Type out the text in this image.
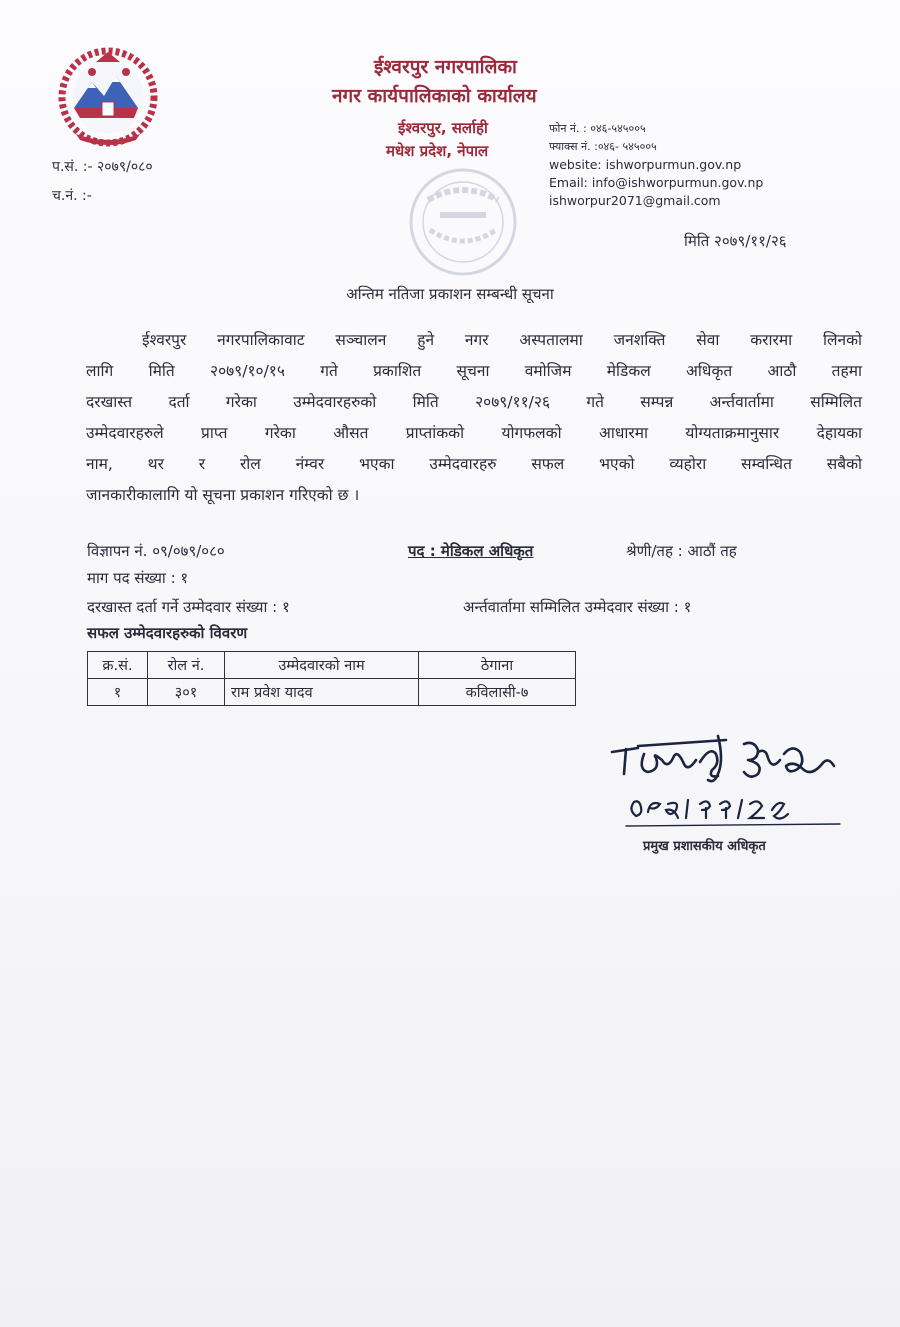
ईश्वरपुर नगरपालिका
नगर कार्यपालिकाको कार्यालय
ईश्वरपुर, सर्लाही
मधेश प्रदेश, नेपाल
फोन नं. : ०४६-५४५००५
फ्याक्स नं. :०४६- ५४५००५
website: ishworpurmun.gov.np
Email: info@ishworpurmun.gov.np
ishworpur2071@gmail.com
प.सं. :- २०७९/०८०
च.नं. :-
मिति २०७९/११/२६
अन्तिम नतिजा प्रकाशन सम्बन्धी सूचना
ईश्वरपुर नगरपालिकावाट सञ्चालन हुने नगर अस्पतालमा जनशक्ति सेवा करारमा लिनको
लागि मिति २०७९/१०/१५ गते प्रकाशित सूचना वमोजिम मेडिकल अधिकृत आठौ तहमा
दरखास्त दर्ता गरेका उम्मेदवारहरुको मिति २०७९/११/२६ गते सम्पन्न अर्न्तवार्तामा सम्मिलित
उम्मेदवारहरुले प्राप्त गरेका औसत प्राप्तांकको योगफलको आधारमा योग्यताक्रमानुसार देहायका
नाम, थर र रोल नंम्वर भएका उम्मेदवारहरु सफल भएको व्यहोरा सम्वन्धित सबैको
जानकारीकालागि यो सूचना प्रकाशन गरिएको छ ।
विज्ञापन नं. ०९/०७९/०८०	पद : मेडिकल अधिकृत	श्रेणी/तह : आठौं तह
माग पद संख्या : १
दरखास्त दर्ता गर्ने उम्मेदवार संख्या : १	अर्न्तवार्तामा सम्मिलित उम्मेदवार संख्या : १
सफल उम्मेदवारहरुको विवरण
क्र.सं.	रोल नं.	उम्मेदवारको नाम	ठेगाना
१	३०१	राम प्रवेश यादव	कविलासी-७
प्रमुख प्रशासकीय अधिकृत
